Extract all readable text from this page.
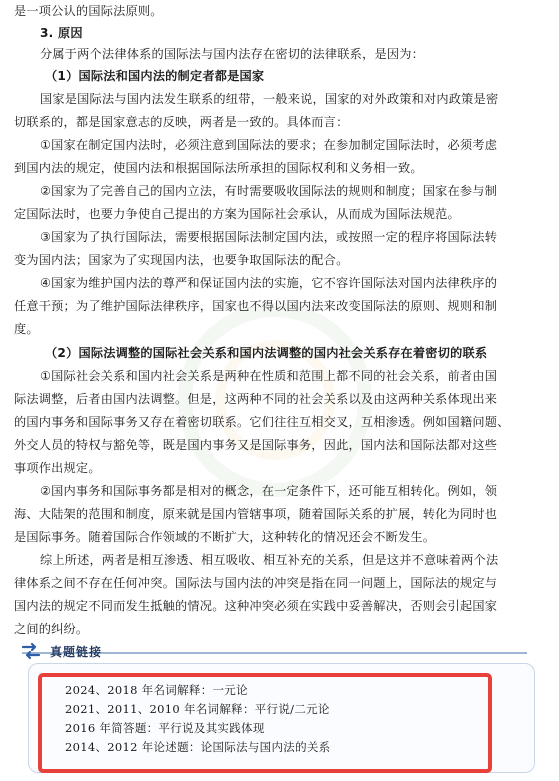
是一项公认的国际法原则。
3. 原因
分属于两个法律体系的国际法与国内法存在密切的法律联系，是因为：
（1）国际法和国内法的制定者都是国家
国家是国际法与国内法发生联系的纽带，一般来说，国家的对外政策和对内政策是密
切联系的，都是国家意志的反映，两者是一致的。具体而言：
①国家在制定国内法时，必须注意到国际法的要求；在参加制定国际法时，必须考虑
到国内法的规定，使国内法和根据国际法所承担的国际权利和义务相一致。
②国家为了完善自己的国内立法，有时需要吸收国际法的规则和制度；国家在参与制
定国际法时，也要力争使自己提出的方案为国际社会承认，从而成为国际法规范。
③国家为了执行国际法，需要根据国际法制定国内法，或按照一定的程序将国际法转
变为国内法；国家为了实现国内法，也要争取国际法的配合。
④国家为维护国内法的尊严和保证国内法的实施，它不容许国际法对国内法律秩序的
任意干预；为了维护国际法律秩序，国家也不得以国内法来改变国际法的原则、规则和制
度。
（2）国际法调整的国际社会关系和国内法调整的国内社会关系存在着密切的联系
①国际社会关系和国内社会关系是两种在性质和范围上都不同的社会关系，前者由国
际法调整，后者由国内法调整。但是，这两种不同的社会关系以及由这两种关系体现出来
的国内事务和国际事务又存在着密切联系。它们往往互相交叉，互相渗透。例如国籍问题、
外交人员的特权与豁免等，既是国内事务又是国际事务，因此，国内法和国际法都对这些
事项作出规定。
②国内事务和国际事务都是相对的概念，在一定条件下，还可能互相转化。例如，领
海、大陆架的范围和制度，原来就是国内管辖事项，随着国际关系的扩展，转化为同时也
是国际事务。随着国际合作领域的不断扩大，这种转化的情况还会不断发生。
综上所述，两者是相互渗透、相互吸收、相互补充的关系，但是这并不意味着两个法
律体系之间不存在任何冲突。国际法与国内法的冲突是指在同一问题上，国际法的规定与
国内法的规定不同而发生抵触的情况。这种冲突必须在实践中妥善解决，否则会引起国家
之间的纠纷。
真题链接
2024、2018 年名词解释：一元论
2021、2011、2010 年名词解释：平行说/二元论
2016 年简答题：平行说及其实践体现
2014、2012 年论述题：论国际法与国内法的关系
